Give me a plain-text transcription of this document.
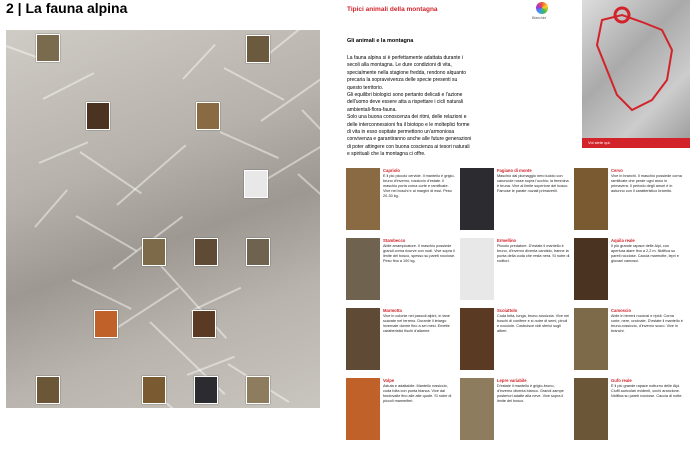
2 | La fauna alpina	Tipici animali della montagna
Bianchini
Voi siete qui.
Gli animali e la montagna

La fauna alpina si è perfettamente adattata durante i secoli alla montagna. Le dure condizioni di vita, specialmente nella stagione fredda, rendono alquanto precaria la sopravvivenza delle specie presenti su questo territorio.

Gli equilibri biologici sono pertanto delicati e l'azione dell'uomo deve essere atta a rispettare i cicli naturali ambientali-flora-fauna.

Solo una buona conoscenza dei ritmi, delle relazioni e delle interconnessioni fra il biotopo e le molteplici forme di vita in esso ospitate permettono un'armoniosa convivenza e garantiranno anche alle future generazioni di poter attingere con buona coscienza ai tesori naturali e spirituali che la montagna ci offre.

Capriolo
È il più piccolo cervide. Il mantello è grigio-bruno d'inverno, rossiccio d'estate. Il maschio porta corna corte e ramificate. Vive nei boschi e ai margini di essi. Peso 20-30 kg.
Fagiano di monte
Maschio dal piumaggio nero lucido con caruncole rosse sopra l'occhio; la femmina è bruna. Vive al limite superiore del bosco. Famose le parate nuziali primaverili.
Cervo
Vive in branchi. Il maschio possiede corna ramificate che perde ogni anno in primavera. Il periodo degli amori è in autunno con il caratteristico bramito.
Stambecco
Abile arrampicatore. Il maschio possiede grandi corna ricurve con nodi. Vive sopra il limite del bosco, spesso su pareti rocciose. Peso fino a 100 kg.
Ermellino
Piccolo predatore. D'estate il mantello è bruno, d'inverno diventa candido, tranne la punta della coda che resta nera. Si nutre di roditori.
Aquila reale
Il più grande rapace delle Alpi, con apertura alare fino a 2,2 m. Nidifica su pareti rocciose. Caccia marmotte, lepri e giovani camosci.
Marmotta
Vive in colonie nei pascoli alpini, in tane scavate nel terreno. Durante il letargo invernale dorme fino a sei mesi. Emette caratteristici fischi d'allarme.
Scoiattolo
Coda folta, lunga, bruno-rossiccia. Vive nei boschi di conifere e si nutre di semi, pinoli e nocciole. Costruisce nidi sferici sugli alberi.
Camoscio
Abile in terreni rocciosi e ripidi. Corna corte, nere, uncinate. D'estate il mantello è bruno-rossiccio, d'inverno scuro. Vive in branchi.
Volpe
Astuta e adattabile. Mantello rossiccio, coda folta con punta bianca. Vive dal fondovalle fino alle alte quote. Si nutre di piccoli mammiferi.
Lepre variabile
D'estate il mantello è grigio-bruno, d'inverno diventa bianco. Grandi zampe posteriori adatte alla neve. Vive sopra il limite del bosco.
Gufo reale
È il più grande rapace notturno delle Alpi. Ciuffi auricolari evidenti, occhi arancione. Nidifica su pareti rocciose. Caccia di notte.
